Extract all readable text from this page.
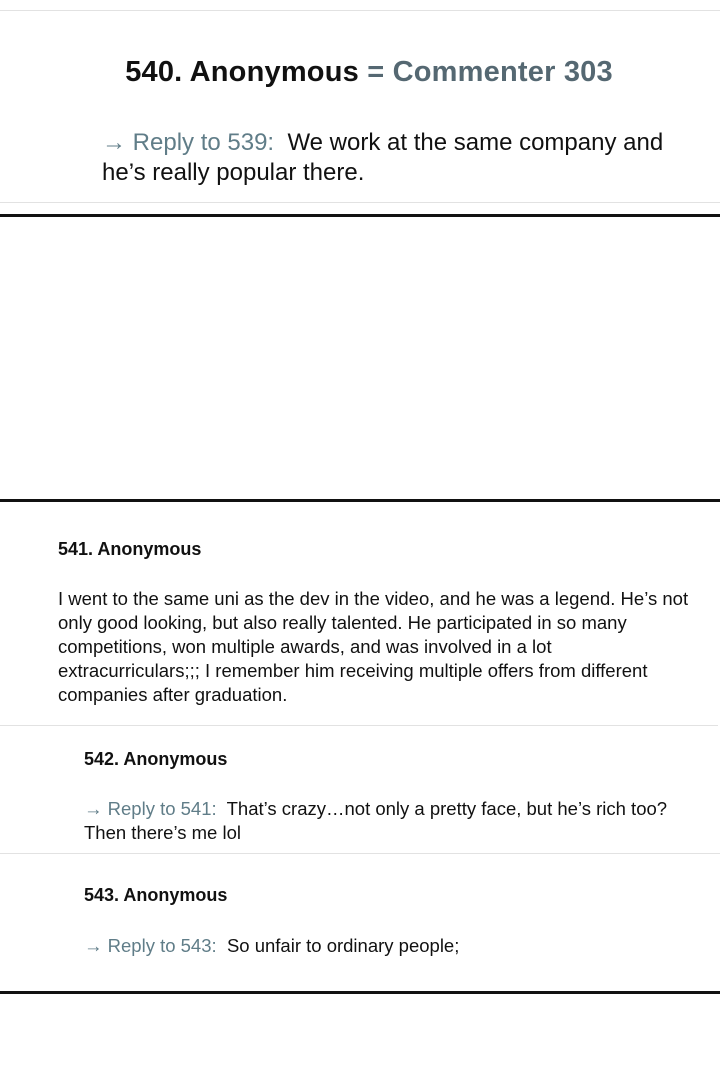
540. Anonymous = Commenter 303
→ Reply to 539: We work at the same company and he’s really popular there.
541. Anonymous
I went to the same uni as the dev in the video, and he was a legend. He’s not only good looking, but also really talented. He participated in so many competitions, won multiple awards, and was involved in a lot extracurriculars;;; I remember him receiving multiple offers from different companies after graduation.
542. Anonymous
→ Reply to 541: That’s crazy…not only a pretty face, but he’s rich too? Then there’s me lol
543. Anonymous
→ Reply to 543: So unfair to ordinary people;
